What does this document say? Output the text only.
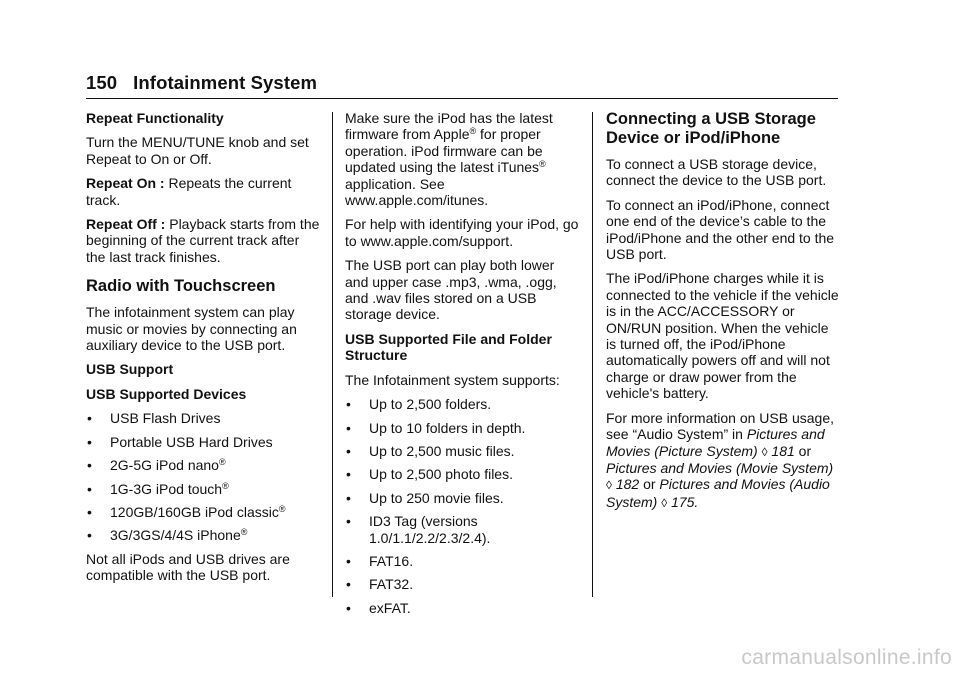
150 Infotainment System

Repeat Functionality

Turn the MENU/TUNE knob and set Repeat to On or Off.

Repeat On : Repeats the current track.

Repeat Off : Playback starts from the beginning of the current track after the last track finishes.

Radio with Touchscreen

The infotainment system can play music or movies by connecting an auxiliary device to the USB port.

USB Support

USB Supported Devices

• USB Flash Drives
• Portable USB Hard Drives
• 2G-5G iPod nano®
• 1G-3G iPod touch®
• 120GB/160GB iPod classic®
• 3G/3GS/4/4S iPhone®

Not all iPods and USB drives are compatible with the USB port.

Make sure the iPod has the latest firmware from Apple® for proper operation. iPod firmware can be updated using the latest iTunes® application. See www.apple.com/itunes.

For help with identifying your iPod, go to www.apple.com/support.

The USB port can play both lower and upper case .mp3, .wma, .ogg, and .wav files stored on a USB storage device.

USB Supported File and Folder Structure

The Infotainment system supports:

• Up to 2,500 folders.
• Up to 10 folders in depth.
• Up to 2,500 music files.
• Up to 2,500 photo files.
• Up to 250 movie files.
• ID3 Tag (versions 1.0/1.1/2.2/2.3/2.4).
• FAT16.
• FAT32.
• exFAT.
Connecting a USB Storage Device or iPod/iPhone

To connect a USB storage device, connect the device to the USB port.

To connect an iPod/iPhone, connect one end of the device’s cable to the iPod/iPhone and the other end to the USB port.

The iPod/iPhone charges while it is connected to the vehicle if the vehicle is in the ACC/ACCESSORY or ON/RUN position. When the vehicle is turned off, the iPod/iPhone automatically powers off and will not charge or draw power from the vehicle's battery.

For more information on USB usage, see “Audio System” in Pictures and Movies (Picture System) ◊ 181 or Pictures and Movies (Movie System) ◊ 182 or Pictures and Movies (Audio System) ◊ 175.

carmanualsonline.info
